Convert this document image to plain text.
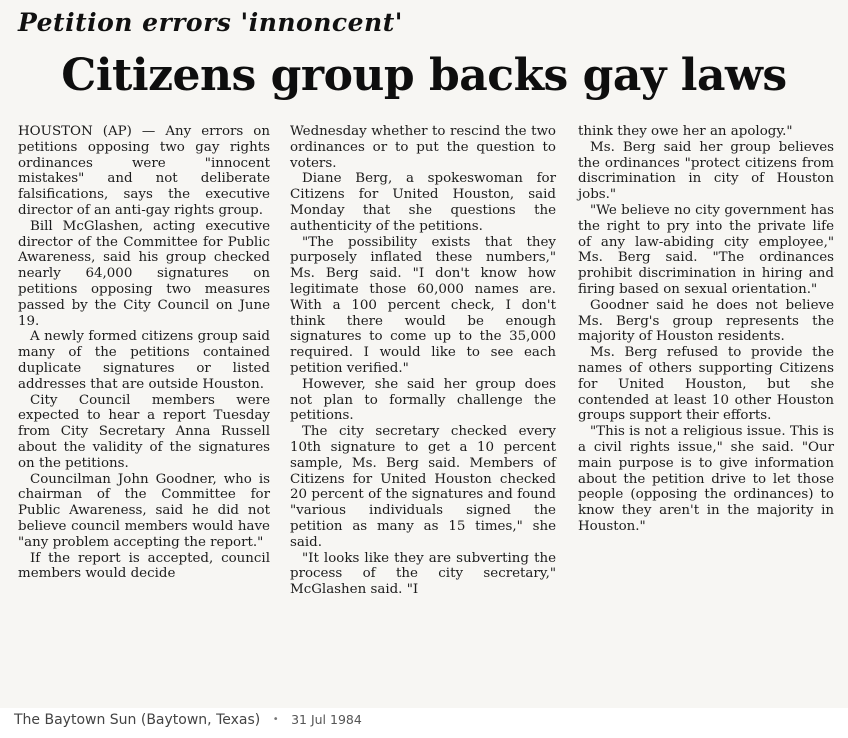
Petition errors 'innoncent'
Citizens group backs gay laws

HOUSTON (AP) — Any errors on petitions opposing two gay rights ordinances were "innocent mistakes" and not deliberate falsifications, says the executive director of an anti-gay rights group.

Bill McGlashen, acting executive director of the Committee for Public Awareness, said his group checked nearly 64,000 signatures on petitions opposing two measures passed by the City Council on June 19.

A newly formed citizens group said many of the petitions contained duplicate signatures or listed addresses that are outside Houston.

City Council members were expected to hear a report Tuesday from City Secretary Anna Russell about the validity of the signatures on the petitions.

Councilman John Goodner, who is chairman of the Committee for Public Awareness, said he did not believe council members would have "any problem accepting the report."

If the report is accepted, council members would decide

Wednesday whether to rescind the two ordinances or to put the question to voters.

Diane Berg, a spokeswoman for Citizens for United Houston, said Monday that she questions the authenticity of the petitions.

"The possibility exists that they purposely inflated these numbers," Ms. Berg said. "I don't know how legitimate those 60,000 names are. With a 100 percent check, I don't think there would be enough signatures to come up to the 35,000 required. I would like to see each petition verified."

However, she said her group does not plan to formally challenge the petitions.

The city secretary checked every 10th signature to get a 10 percent sample, Ms. Berg said. Members of Citizens for United Houston checked 20 percent of the signatures and found "various individuals signed the petition as many as 15 times," she said.

"It looks like they are subverting the process of the city secretary," McGlashen said. "I

think they owe her an apology."

Ms. Berg said her group believes the ordinances "protect citizens from discrimination in city of Houston jobs."

"We believe no city government has the right to pry into the private life of any law-abiding city employee," Ms. Berg said. "The ordinances prohibit discrimination in hiring and firing based on sexual orientation."

Goodner said he does not believe Ms. Berg's group represents the majority of Houston residents.

Ms. Berg refused to provide the names of others supporting Citizens for United Houston, but she contended at least 10 other Houston groups support their efforts.

"This is not a religious issue. This is a civil rights issue," she said. "Our main purpose is to give information about the petition drive to let those people (opposing the ordinances) to know they aren't in the majority in Houston."

The Baytown Sun (Baytown, Texas) • 31 Jul 1984
